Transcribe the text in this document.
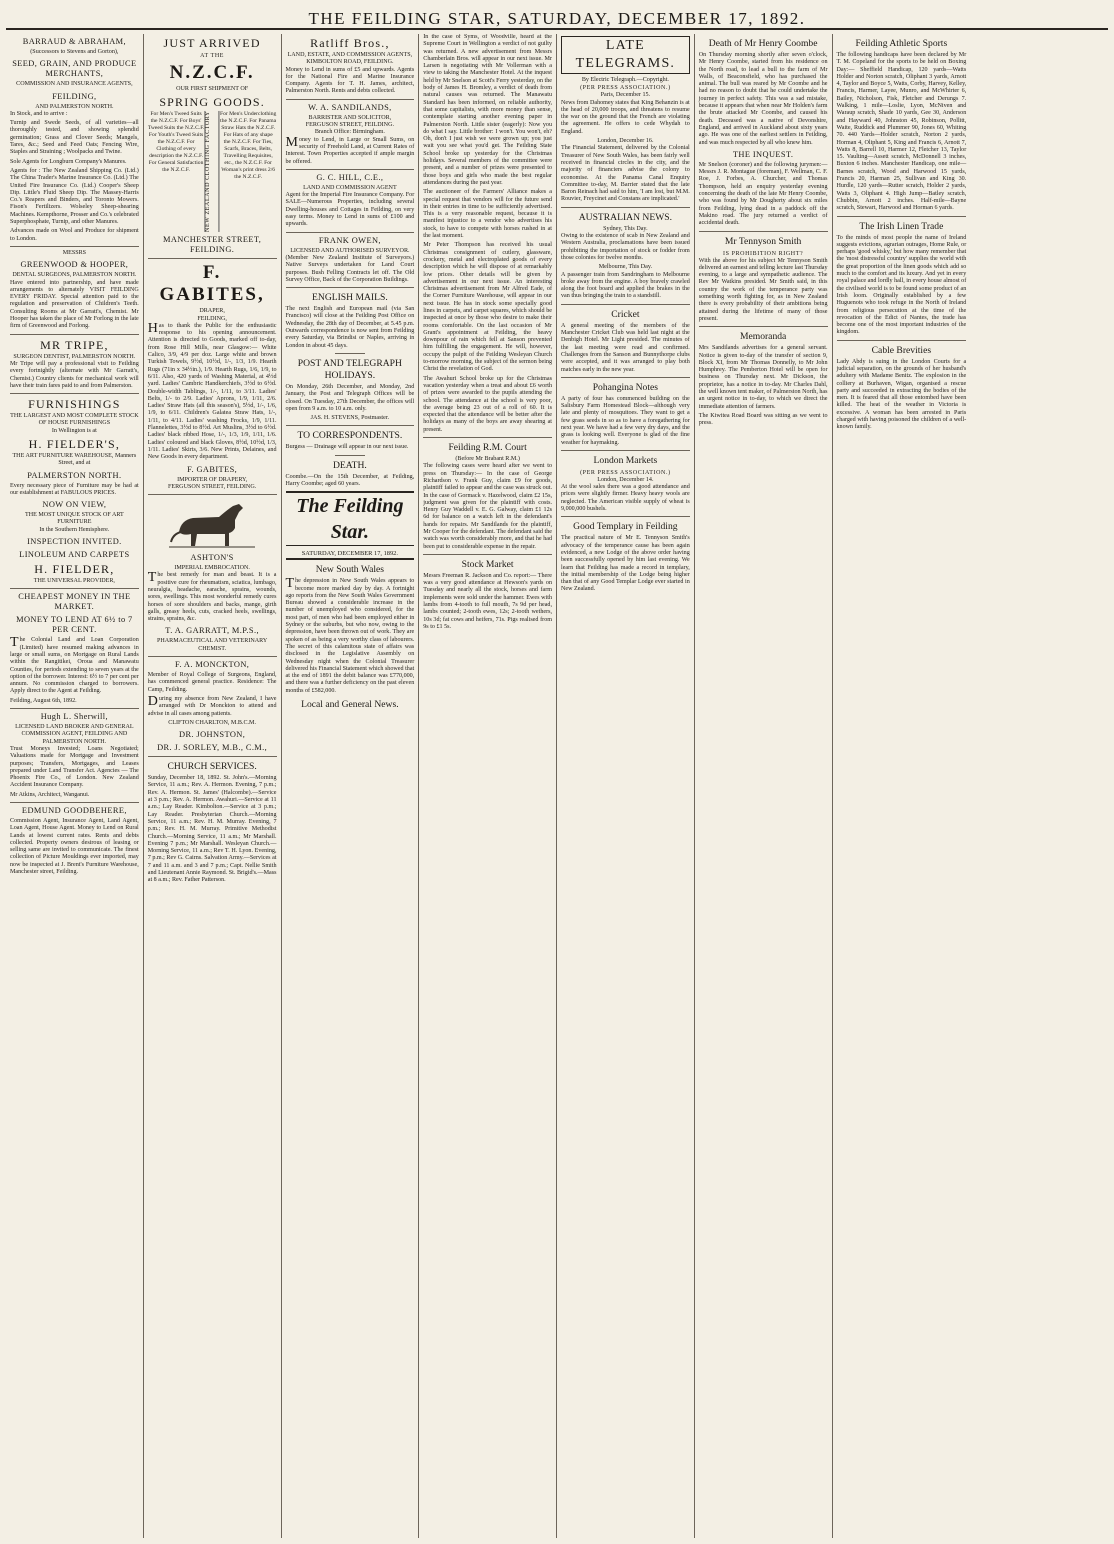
THE FEILDING STAR, SATURDAY, DECEMBER 17, 1892.
BARRAUD & ABRAHAM,
(Successors to Stevens and Gorton),
SEED, GRAIN, AND PRODUCE MERCHANTS,
COMMISSION AND INSURANCE AGENTS,
FEILDING,
AND PALMERSTON NORTH.

In Stock, and to arrive :

Turnip and Swede Seeds, of all varieties—all thoroughly tested, and showing splendid germination; Grass and Clover Seeds; Mangels, Tares, &c.; Seed and Feed Oats; Fencing Wire, Staples and Straining ; Woolpacks and Twine.

Sole Agents for Longburn Company's Manures.

Agents for : The New Zealand Shipping Co. (Ltd.) The China Trader's Marine Insurance Co. (Ltd.) The United Fire Insurance Co. (Ltd.) Cooper's Sheep Dip. Little's Fluid Sheep Dip. The Massey-Harris Co.'s Reapers and Binders, and Toronto Mowers. Fison's Fertilizers. Wolseley Sheep-shearing Machines. Kempthorne, Prosser and Co.'s celebrated Superphosphate, Turnip, and other Manures.

Advances made on Wool and Produce for shipment to London.

MESSRS
GREENWOOD & HOOPER,
DENTAL SURGEONS, PALMERSTON NORTH.

Have entered into partnership, and have made arrangements to alternately VISIT FEILDING EVERY FRIDAY. Special attention paid to the regulation and preservation of Children's Teeth. Consulting Rooms at Mr Garratt's, Chemist. Mr Hooper has taken the place of Mr Forlong in the late firm of Greenwood and Forlong.

MR TRIPE,
SURGEON DENTIST, PALMERSTON NORTH.

Mr Tripe will pay a professional visit to Feilding every fortnightly (alternate with Mr Garratt's, Chemist.) Country clients for mechanical work will have their train fares paid to and from Palmerston.

FURNISHINGS
THE LARGEST AND MOST COMPLETE STOCK OF HOUSE FURNISHINGS
In Wellington is at
H. FIELDER'S,
THE ART FURNITURE WAREHOUSE, Manners Street, and at
PALMERSTON NORTH.

Every necessary piece of Furniture may be had at our establishment at FABULOUS PRICES.

NOW ON VIEW,
THE MOST UNIQUE STOCK OF ART FURNITURE
In the Southern Hemisphere.
INSPECTION INVITED.
LINOLEUM AND CARPETS
H. FIELDER,
THE UNIVERSAL PROVIDER,
CHEAPEST MONEY IN THE MARKET.
MONEY TO LEND AT 6½ to 7 PER CENT.

The Colonial Land and Loan Corporation (Limited) have resumed making advances in large or small sums, on Mortgage on Rural Lands within the Rangitikei, Oroua and Manawatu Counties, for periods extending to seven years at the option of the borrower. Interest: 6½ to 7 per cent per annum. No commission charged to borrowers. Apply direct to the Agent at Feilding.

Feilding, August 6th, 1892.

Hugh L. Sherwill,
LICENSED LAND BROKER AND GENERAL COMMISSION AGENT, FEILDING AND PALMERSTON NORTH.

Trust Moneys Invested; Loans Negotiated; Valuations made for Mortgage and Investment purposes; Transfers, Mortgages, and Leases prepared under Land Transfer Act. Agencies — The Phoenix Fire Co., of London. New Zealand Accident Insurance Company.

Mr Atkins, Architect, Wanganui.

EDMUND GOODBEHERE,

Commission Agent, Insurance Agent, Land Agent, Loan Agent, House Agent. Money to Lend on Rural Lands at lowest current rates. Rents and debts collected. Property owners desirous of leasing or selling same are invited to communicate. The finest collection of Picture Mouldings ever imported, may now be inspected at J. Brent's Furniture Warehouse, Manchester street, Feilding.

JUST ARRIVED
AT THE
N.Z.C.F.
OUR FIRST SHIPMENT OF
SPRING GOODS.
For Men's Tweed Suits the N.Z.C.F. For Boys' Tweed Suits the N.Z.C.F. For Youth's Tweed Suits the N.Z.C.F. For Clothing of every description the N.Z.C.F. For General Satisfaction the N.Z.C.F.	NEW ZEALAND CLOTHING FACTORY	For Men's Underclothing the N.Z.C.F. For Panama Straw Hats the N.Z.C.F. For Hats of any shape the N.Z.C.F. For Ties, Scarfs, Braces, Belts, Travelling Requisites, etc., the N.Z.C.F. For Woman's print dress 2/6 the N.Z.C.F.
MANCHESTER STREET, FEILDING.
F. GABITES,
DRAPER,
FEILDING,

Has to thank the Public for the enthusiastic response to his opening announcement. Attention is directed to Goods, marked off to-day, from Rose Hill Mills, near Glasgow:— White Calico, 3/9, 4/9 per doz. Large white and brown Turkish Towels, 9½d, 10½d, 1/-, 1/3, 1/9. Hearth Rugs (71in x 34½in.), 1/9. Hearth Rugs, 1/6, 1/9, to 6/11. Also, 420 yards of Washing Material, at 4½d yard. Ladies' Cambric Handkerchiefs, 3½d to 6½d. Double-width Tablings, 1/-, 1/11, to 3/11. Ladies' Belts, 1/- to 2/9. Ladies' Aprons, 1/9, 1/11, 2/6. Ladies' Straw Hats (all this season's), 5½d, 1/-, 1/6, 1/9, to 6/11. Children's Galatea Straw Hats, 1/-, 1/11, to 4/11. Ladies' washing Frocks, 1/9, 1/11. Flannelettes, 3½d to 8½d. Art Muslins, 3½d to 6½d. Ladies' black ribbed Hose, 1/-, 1/3, 1/9, 1/11, 1/6. Ladies' coloured and black Gloves, 8½d, 10½d, 1/3, 1/11. Ladies' Skirts, 3/6. New Prints, Delaines, and New Goods in every department.

F. GABITES,
IMPORTER OF DRAPERY,
FERGUSON STREET, FEILDING.
ASHTON'S
IMPERIAL EMBROCATION.

The best remedy for man and beast. It is a positive cure for rheumatism, sciatica, lumbago, neuralgia, headache, earache, sprains, wounds, sores, swellings. This most wonderful remedy cures horses of sore shoulders and backs, mange, girth galls, greasy heels, cuts, cracked heels, swellings, strains, sprains, &c.

T. A. GARRATT, M.P.S.,
PHARMACEUTICAL AND VETERINARY CHEMIST.
F. A. MONCKTON,

Member of Royal College of Surgeons, England, has commenced general practice. Residence: The Camp, Feilding.

During my absence from New Zealand, I have arranged with Dr Monckton to attend and advise in all cases among patients.

CLIFTON CHARLTON, M.B.C.M.
DR. JOHNSTON,
DR. J. SORLEY, M.B., C.M.,
CHURCH SERVICES.

Sunday, December 18, 1892. St. John's.—Morning Service, 11 a.m.; Rev. A. Hermon. Evening, 7 p.m.; Rev. A. Hermon. St. James' (Halcombe).—Service at 3 p.m.; Rev. A. Hermon. Awahuri.—Service at 11 a.m.; Lay Reader. Kimbolton.—Service at 3 p.m.; Lay Reader. Presbyterian Church.—Morning Service, 11 a.m.; Rev. H. M. Murray. Evening, 7 p.m.; Rev. H. M. Murray. Primitive Methodist Church.—Morning Service, 11 a.m.; Mr Marshall. Evening 7 p.m.; Mr Marshall. Wesleyan Church.—Morning Service, 11 a.m.; Rev T. H. Lyon. Evening, 7 p.m.; Rev G. Cairns. Salvation Army.—Services at 7 and 11 a.m. and 3 and 7 p.m.; Capt. Nellie Smith and Lieutenant Annie Raymond. St. Brigid's.—Mass at 8 a.m.; Rev. Father Patterson.

Ratliff Bros.,
LAND, ESTATE, AND COMMISSION AGENTS,
KIMBOLTON ROAD, FEILDING.

Money to Lend in sums of £5 and upwards. Agents for the National Fire and Marine Insurance Company. Agents for T. H. James, architect, Palmerston North. Rents and debts collected.

W. A. SANDILANDS,
BARRISTER AND SOLICITOR,
FERGUSON STREET, FEILDING.
Branch Office: Birmingham.

Money to Lend, in Large or Small Sums, on security of Freehold Land, at Current Rates of Interest. Town Properties accepted if ample margin be offered.

G. C. HILL, C.E.,
LAND AND COMMISSION AGENT

Agent for the Imperial Fire Insurance Company. For SALE—Numerous Properties, including several Dwelling-houses and Cottages in Feilding, on very easy terms. Money to Lend in sums of £100 and upwards.

FRANK OWEN,
LICENSED AND AUTHORISED SURVEYOR.

(Member New Zealand Institute of Surveyors.) Native Surveys undertaken for Land Court purposes. Bush Felling Contracts let off. The Old Survey Office, Back of the Corporation Buildings.

ENGLISH MAILS.

The next English and European mail (via San Francisco) will close at the Feilding Post Office on Wednesday, the 28th day of December, at 5.45 p.m. Outwards correspondence is now sent from Feilding every Saturday, via Brindisi or Naples, arriving in London in about 45 days.

POST AND TELEGRAPH HOLIDAYS.

On Monday, 26th December, and Monday, 2nd January, the Post and Telegraph Offices will be closed. On Tuesday, 27th December, the offices will open from 9 a.m. to 10 a.m. only.

JAS. H. STEVENS, Postmaster.
TO CORRESPONDENTS.

Burgess — Drainage will appear in our next issue.

DEATH.

Coombe.—On the 15th December, at Feilding, Harry Coombe; aged 60 years.

The Feilding Star.
SATURDAY, DECEMBER 17, 1892.
New South Wales

The depression in New South Wales appears to become more marked day by day. A fortnight ago reports from the New South Wales Government Bureau showed a considerable increase in the number of unemployed who considered, for the most part, of men who had been employed either in Sydney or the suburbs, but who now, owing to the depression, have been thrown out of work. They are spoken of as being a very worthy class of labourers. The secret of this calamitous state of affairs was disclosed in the Legislative Assembly on Wednesday night when the Colonial Treasurer delivered his Financial Statement which showed that at the end of 1891 the debit balance was £770,000, and there was a further deficiency on the past eleven months of £582,000.

Local and General News.

In the case of Syms, of Woodville, heard at the Supreme Court in Wellington a verdict of not guilty was returned. A new advertisement from Messrs Chamberlain Bros. will appear in our next issue. Mr Larsen is negotiating with Mr Vollerman with a view to taking the Manchester Hotel. At the inquest held by Mr Snelson at Scott's Ferry yesterday, on the body of James H. Bromley, a verdict of death from natural causes was returned. The Manawatu Standard has been informed, on reliable authority, that some capitalists, with more money than sense, contemplate starting another evening paper in Palmerston North. Little sister (eagerly): Now you do what I say. Little brother: I won't. You won't, eh? Oh, don't I just wish we were grown up; you just wait you see what you'd get. The Feilding State School broke up yesterday for the Christmas holidays. Several members of the committee were present, and a number of prizes were presented to those boys and girls who made the best regular attendances during the past year.

The auctioneer of the Farmers' Alliance makes a special request that vendors will for the future send in their entries in time to be sufficiently advertised. This is a very reasonable request, because it is manifest injustice to a vendor who advertises his stock, to have to compete with horses rushed in at the last moment.

Mr Peter Thompson has received his usual Christmas consignment of cutlery, glassware, crockery, metal and electroplated goods of every description which he will dispose of at remarkably low prices. Other details will be given by advertisement in our next issue. An interesting Christmas advertisement from Mr Alfred Eade, of the Corner Furniture Warehouse, will appear in our next issue. He has in stock some specially good lines in carpets, and carpet squares, which should be inspected at once by those who desire to make their rooms comfortable. On the last occasion of Mr Grant's appointment at Feilding, the heavy downpour of rain which fell at Sanson prevented him fulfilling the engagement. He will, however, occupy the pulpit of the Feilding Wesleyan Church to-morrow morning, the subject of the sermon being Christ the revelation of God.

The Awahuri School broke up for the Christmas vacation yesterday when a treat and about £6 worth of prizes were awarded to the pupils attending the school. The attendance at the school is very poor, the average being 23 out of a roll of 60. It is expected that the attendance will be better after the holidays as many of the boys are away shearing at present.

Feilding R.M. Court
(Before Mr Brabant R.M.)

The following cases were heard after we went to press on Thursday:— In the case of George Richardson v. Frank Guy, claim £9 for goods, plaintiff failed to appear and the case was struck out. In the case of Gormack v. Hazelwood, claim £2 15s, judgment was given for the plaintiff with costs. Henry Guy Waddell v. E. G. Galway, claim £1 12s 6d for balance on a watch left in the defendant's hands for repairs. Mr Sandilands for the plaintiff, Mr Cooper for the defendant. The defendant said the watch was worth considerably more, and that he had been put to considerable expense in the repair.

Stock Market

Messrs Freeman R. Jackson and Co. report:— There was a very good attendance at Hewson's yards on Tuesday and nearly all the stock, horses and farm implements were sold under the hammer. Ewes with lambs from 4-tooth to full mouth, 7s 9d per head, lambs counted; 2-tooth ewes, 12s; 2-tooth wethers, 10s 3d; fat cows and heifers, 71s. Pigs realised from 9s to £1 5s.

LATE TELEGRAMS.
By Electric Telegraph.—Copyright.
(PER PRESS ASSOCIATION.)
Paris, December 15.

News from Dahomey states that King Behanzin is at the head of 20,000 troops, and threatens to resume the war on the ground that the French are violating the agreement. He offers to cede Whydah to England.

London, December 16.

The Financial Statement, delivered by the Colonial Treasurer of New South Wales, has been fairly well received in financial circles in the city, and the majority of financiers advise the colony to economise. At the Panama Canal Enquiry Committee to-day, M. Barrier stated that the late Baron Reinach had said to him, 'I am lost, but M.M. Rouvier, Freycinet and Constans are implicated.'

AUSTRALIAN NEWS.
Sydney, This Day.

Owing to the existence of scab in New Zealand and Western Australia, proclamations have been issued prohibiting the importation of stock or fodder from those colonies for twelve months.

Melbourne, This Day.

A passenger train from Sandringham to Melbourne broke away from the engine. A boy bravely crawled along the foot board and applied the brakes in the van thus bringing the train to a standstill.

Cricket

A general meeting of the members of the Manchester Cricket Club was held last night at the Denbigh Hotel. Mr Light presided. The minutes of the last meeting were read and confirmed. Challenges from the Sanson and Bunnythorpe clubs were accepted, and it was arranged to play both matches early in the new year.

Pohangina Notes

A party of four has commenced building on the Salisbury Farm Homestead Block—although very late and plenty of mosquitoes. They want to get a few grass seeds in so as to have a foregathering for next year. We have had a few very dry days, and the grass is looking well. Everyone is glad of the fine weather for haymaking.

London Markets
(PER PRESS ASSOCIATION.)
London, December 14.

At the wool sales there was a good attendance and prices were slightly firmer. Heavy heavy wools are neglected. The American visible supply of wheat is 9,000,000 bushels.

Good Templary in Feilding

The practical nature of Mr E. Tennyson Smith's advocacy of the temperance cause has been again evidenced, a new Lodge of the above order having been successfully opened by him last evening. We learn that Feilding has made a record in templary, the initial membership of the Lodge being higher than that of any Good Templar Lodge ever started in New Zealand.

Death of Mr Henry Coombe

On Thursday morning shortly after seven o'clock, Mr Henry Coombe, started from his residence on the North road, to lead a bull to the farm of Mr Walls, of Beaconsfield, who has purchased the animal. The bull was reared by Mr Coombe and he had no reason to doubt that he could undertake the journey in perfect safety. This was a sad mistake, because it appears that when near Mr Holden's farm the brute attacked Mr Coombe, and caused his death. Deceased was a native of Devonshire, England, and arrived in Auckland about sixty years ago. He was one of the earliest settlers in Feilding, and was much respected by all who knew him.

THE INQUEST.

Mr Snelson (coroner) and the following jurymen:— Messrs J. R. Montague (foreman), F. Wellman, C. F. Roe, J. Forbes, A. Churcher, and Thomas Thompson, held an enquiry yesterday evening concerning the death of the late Mr Henry Coombe, who was found by Mr Dougherty about six miles from Feilding, lying dead in a paddock off the Makino road. The jury returned a verdict of accidental death.

Mr Tennyson Smith
IS PROHIBITION RIGHT?

With the above for his subject Mr Tennyson Smith delivered an earnest and telling lecture last Thursday evening, to a large and sympathetic audience. The Rev Mr Watkins presided. Mr Smith said, in this country the work of the temperance party was something worth fighting for, as in New Zealand there is every probability of their ambitions being attained during the lifetime of many of those present.

Memoranda

Mrs Sandilands advertises for a general servant. Notice is given to-day of the transfer of section 9, Block XI, from Mr Thomas Donnelly, to Mr John Humphrey. The Pemberton Hotel will be open for business on Thursday next. Mr Dickson, the proprietor, has a notice in to-day. Mr Charles Dahl, the well known tent maker, of Palmerston North, has an urgent notice in to-day, to which we direct the immediate attention of farmers.

The Kiwitea Road Board was sitting as we went to press.

Feilding Athletic Sports

The following handicaps have been declared by Mr T. M. Copeland for the sports to be held on Boxing Day:— Sheffield Handicap, 120 yards—Watts Holder and Norton scratch, Oliphant 3 yards, Arnott 4, Taylor and Boyce 5, Watts, Corby, Harvey, Kelley, Francis, Harmer, Layee, Munro, and McWhirter 6, Bailey, Nicholson, Fisk, Fletcher and Derungs 7. Walking, 1 mile—Loslie, Lyon, McNiven and Waraup scratch, Shade 10 yards, Gee 30, Anderson and Hayward 40, Johnston 45, Robinson, Pollitt, Waite, Ruddick and Plummer 90, Jones 60, Whiting 70. 440 Yards—Holder scratch, Norton 2 yards, Horman 4, Oliphant 5, King and Francis 6, Arnott 7, Watts 8, Barrell 10, Harmer 12, Fletcher 13, Taylor 15. Vaulting—Assett scratch, McDonnell 3 inches, Buxton 6 inches. Manchester Handicap, one mile—Barnes scratch, Wood and Harwood 15 yards, Francis 20, Harman 25, Sullivan and King 30. Hurdle, 120 yards—Rutter scratch, Holder 2 yards, Watts 3, Oliphant 4. High Jump—Batley scratch, Chubbin, Arnott 2 inches. Half-mile—Bayne scratch, Stewart, Harwood and Horman 6 yards.

The Irish Linen Trade

To the minds of most people the name of Ireland suggests evictions, agrarian outrages, Home Rule, or perhaps 'good whisky,' but how many remember that the 'most distressful country' supplies the world with the great proportion of the linen goods which add so much to the comfort and its luxury. And yet in every royal palace and lordly hall, in every house almost of the civilised world is to be found some product of an Irish loom. Originally established by a few Huguenots who took refuge in the North of Ireland from religious persecution at the time of the revocation of the Edict of Nantes, the trade has become one of the most important industries of the kingdom.

Cable Brevities

Lady Abdy is suing in the London Courts for a judicial separation, on the grounds of her husband's adultery with Madame Benitz. The explosion in the colliery at Burhaven, Wigan, organised a rescue party and succeeded in extracting the bodies of the men. It is feared that all those entombed have been killed. The heat of the weather in Victoria is excessive. A woman has been arrested in Paris charged with having poisoned the children of a well-known family.
